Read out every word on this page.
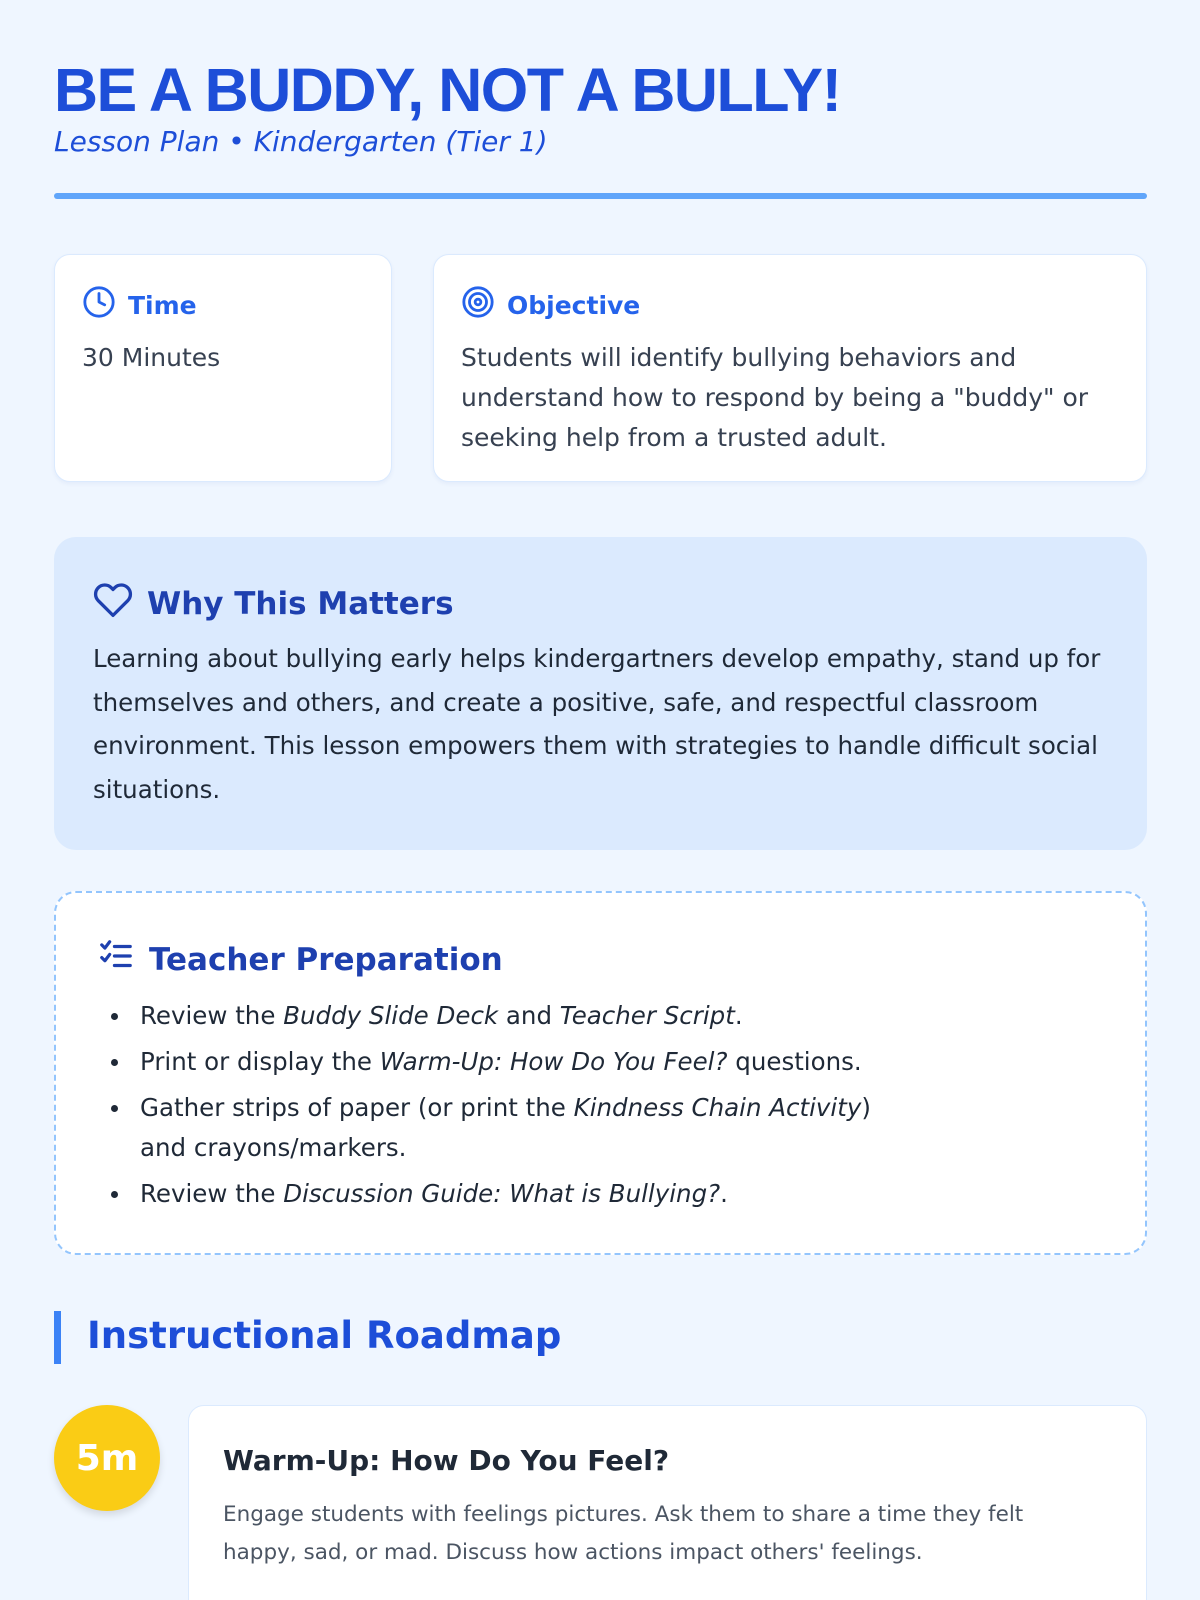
BE A BUDDY, NOT A BULLY!
Lesson Plan • Kindergarten (Tier 1)
Time
30 Minutes
Objective
Students will identify bullying behaviors and understand how to respond by being a "buddy" or seeking help from a trusted adult.
Why This Matters

Learning about bullying early helps kindergartners develop empathy, stand up for themselves and others, and create a positive, safe, and respectful classroom environment. This lesson empowers them with strategies to handle difficult social situations.

Teacher Preparation
Review the Buddy Slide Deck and Teacher Script.
Print or display the Warm-Up: How Do You Feel? questions.
Gather strips of paper (or print the Kindness Chain Activity) and crayons/markers.
Review the Discussion Guide: What is Bullying?.
Instructional Roadmap
5m	Warm-Up: How Do You Feel?

Engage students with feelings pictures. Ask them to share a time they felt happy, sad, or mad. Discuss how actions impact others' feelings.
